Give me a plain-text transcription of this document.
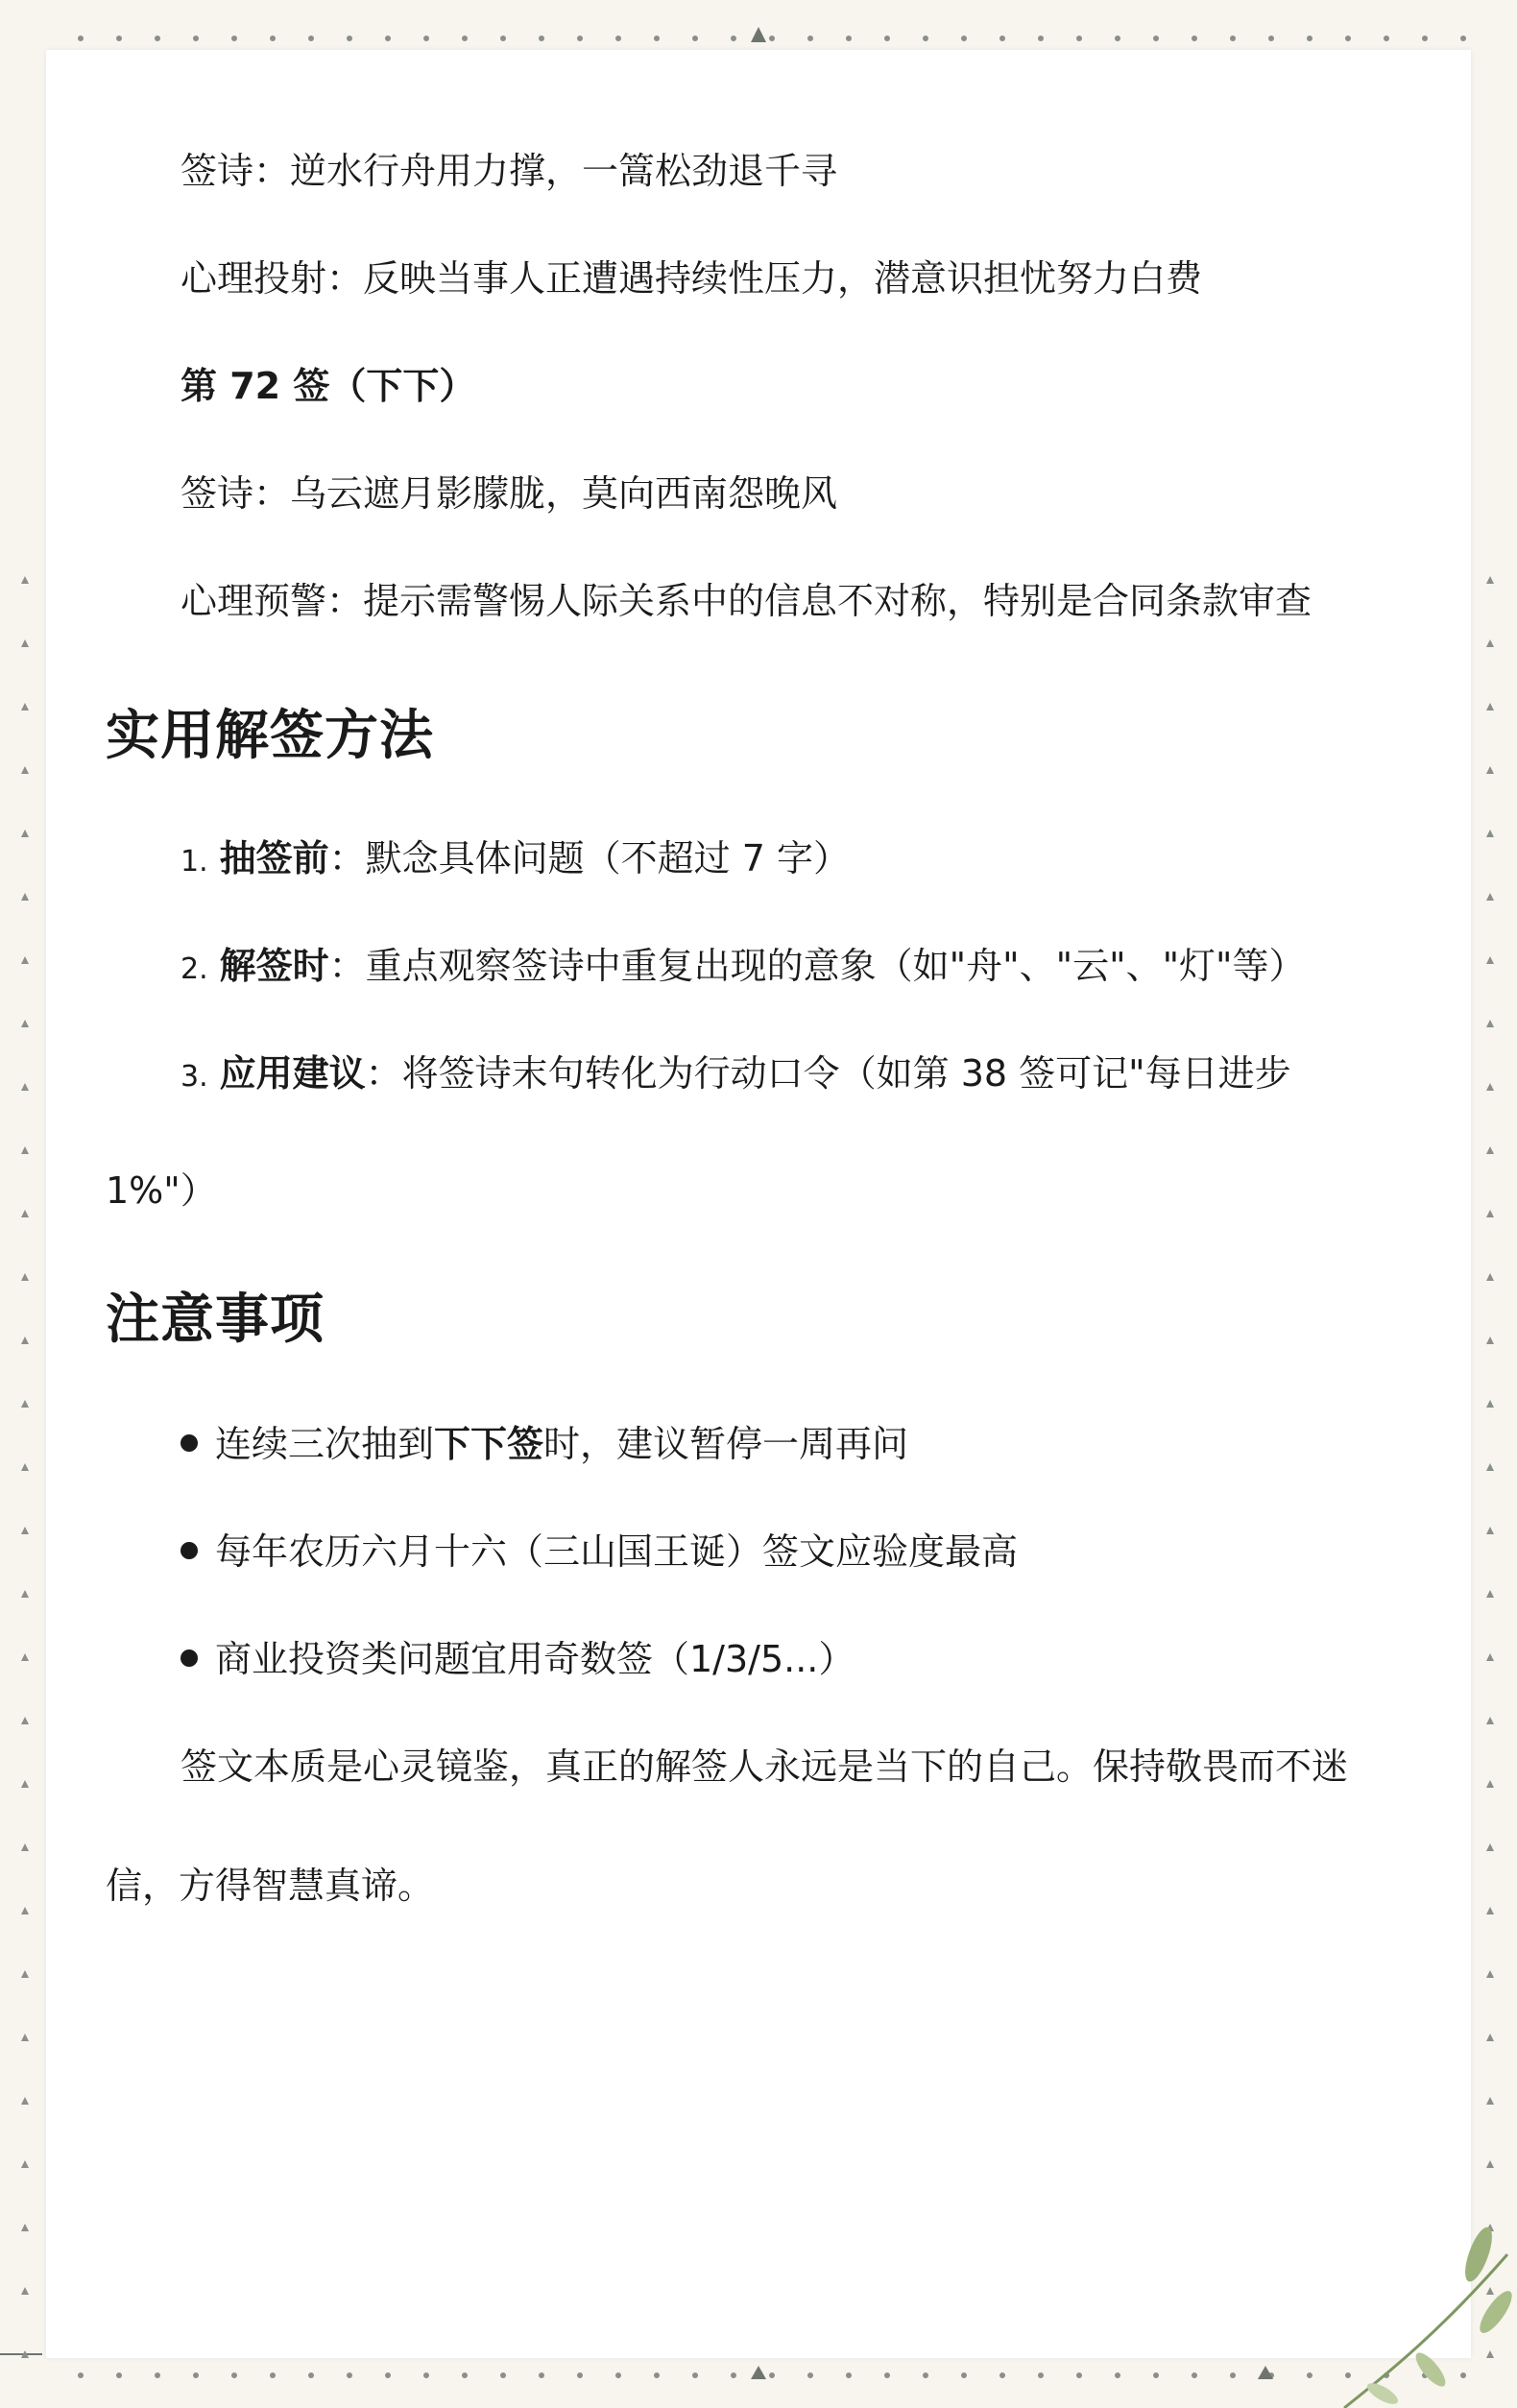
签诗：逆水行舟用力撑，一篙松劲退千寻

心理投射：反映当事人正遭遇持续性压力，潜意识担忧努力白费

第 72 签（下下）

签诗：乌云遮月影朦胧，莫向西南怨晚风

心理预警：提示需警惕人际关系中的信息不对称，特别是合同条款审查

实用解签方法

1. 抽签前：默念具体问题（不超过 7 字）

2. 解签时：重点观察签诗中重复出现的意象（如"舟"、"云"、"灯"等）

3. 应用建议：将签诗末句转化为行动口令（如第 38 签可记"每日进步

1%"）

注意事项

连续三次抽到下下签时，建议暂停一周再问

每年农历六月十六（三山国王诞）签文应验度最高

商业投资类问题宜用奇数签（1/3/5...）

签文本质是心灵镜鉴，真正的解签人永远是当下的自己。保持敬畏而不迷

信，方得智慧真谛。
